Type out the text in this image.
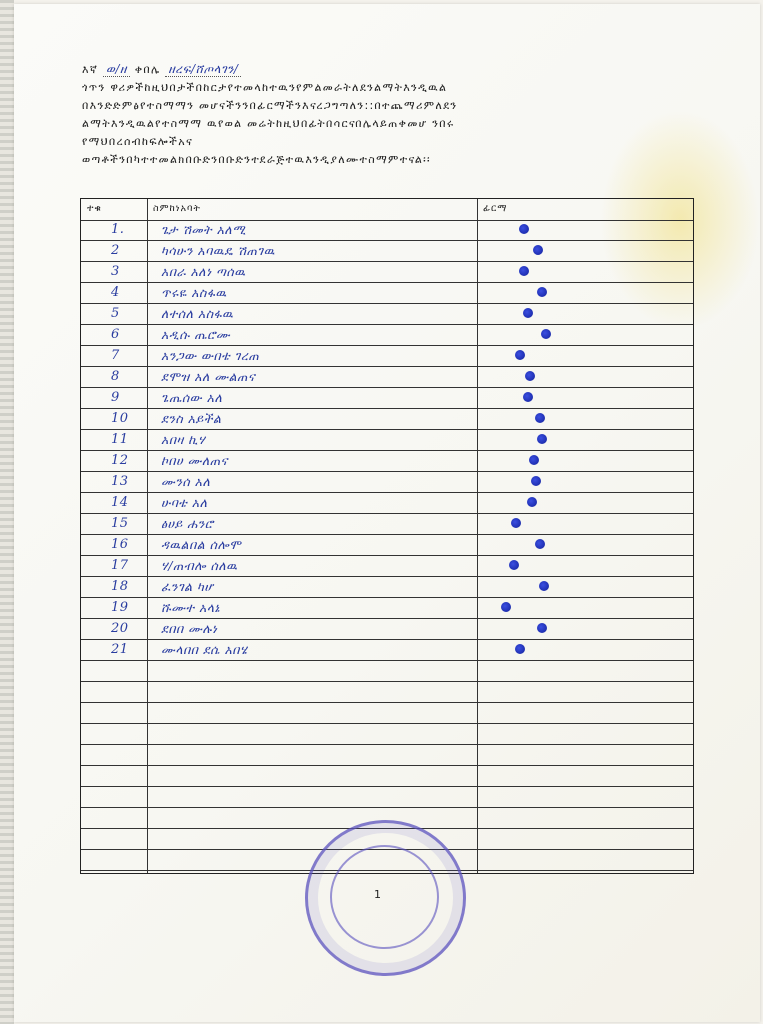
እኛ ወ/ዘ ቀበሌ ዘረፍ/ሸጦላገን/
ጎጥን ዋሪዎችከዚህበታችበከርታየተመላከተዉንየምልመራትለደንልማትእንዲዉል
በእንድድምፅየተስማማን መሆናችንንበፊርማችንእናረጋግጣለን::በተጨማሪምለደን
ልማትእንዲዉልየተስማማ ዉየወል መሬትከዚህበፊትበሳርናበሌላይጠቀመሆ ንበሩ
የማህበረሰብከፍሎችአና
ወጣቶችንበካተተመልክበቡድንበቡድንተደራጅተዉእንዲያለሙተስማምተናል፡፡
ተቁ	ስምከነአባት	ፊርማ
1.	ጌታ ሽመት አለሚ
2	ካሳሁን አባዉዴ ሽጠገዉ
3	አበራ አለነ ጣሰዉ
4	ጥሩዬ አስፋዉ
5	ለተሰለ አስፋዉ
6	አዲሱ ጤሮሙ
7	አንጋው ውበቴ ገረጠ
8	ደሞዝ አለ ሙልጠና
9	ጌጤሰው አለ
10	ደንስ አይችል
11	አበዛ ኪሃ
12	ኮበሀ ሙለጠና
13	ሙንሰ አለ
14	ሁባቴ አለ
15	ፅሀይ ሐንሮ
16	ዳዉልበል ሰሎሞ
17	ሃ/ጠብሎ ሰለዉ
18	ፈንገል ካሆ
19	ሹሙተ አላኔ
20	ደበበ ሙሉነ
21	ሙላበበ ደሴ አበሄ
1
